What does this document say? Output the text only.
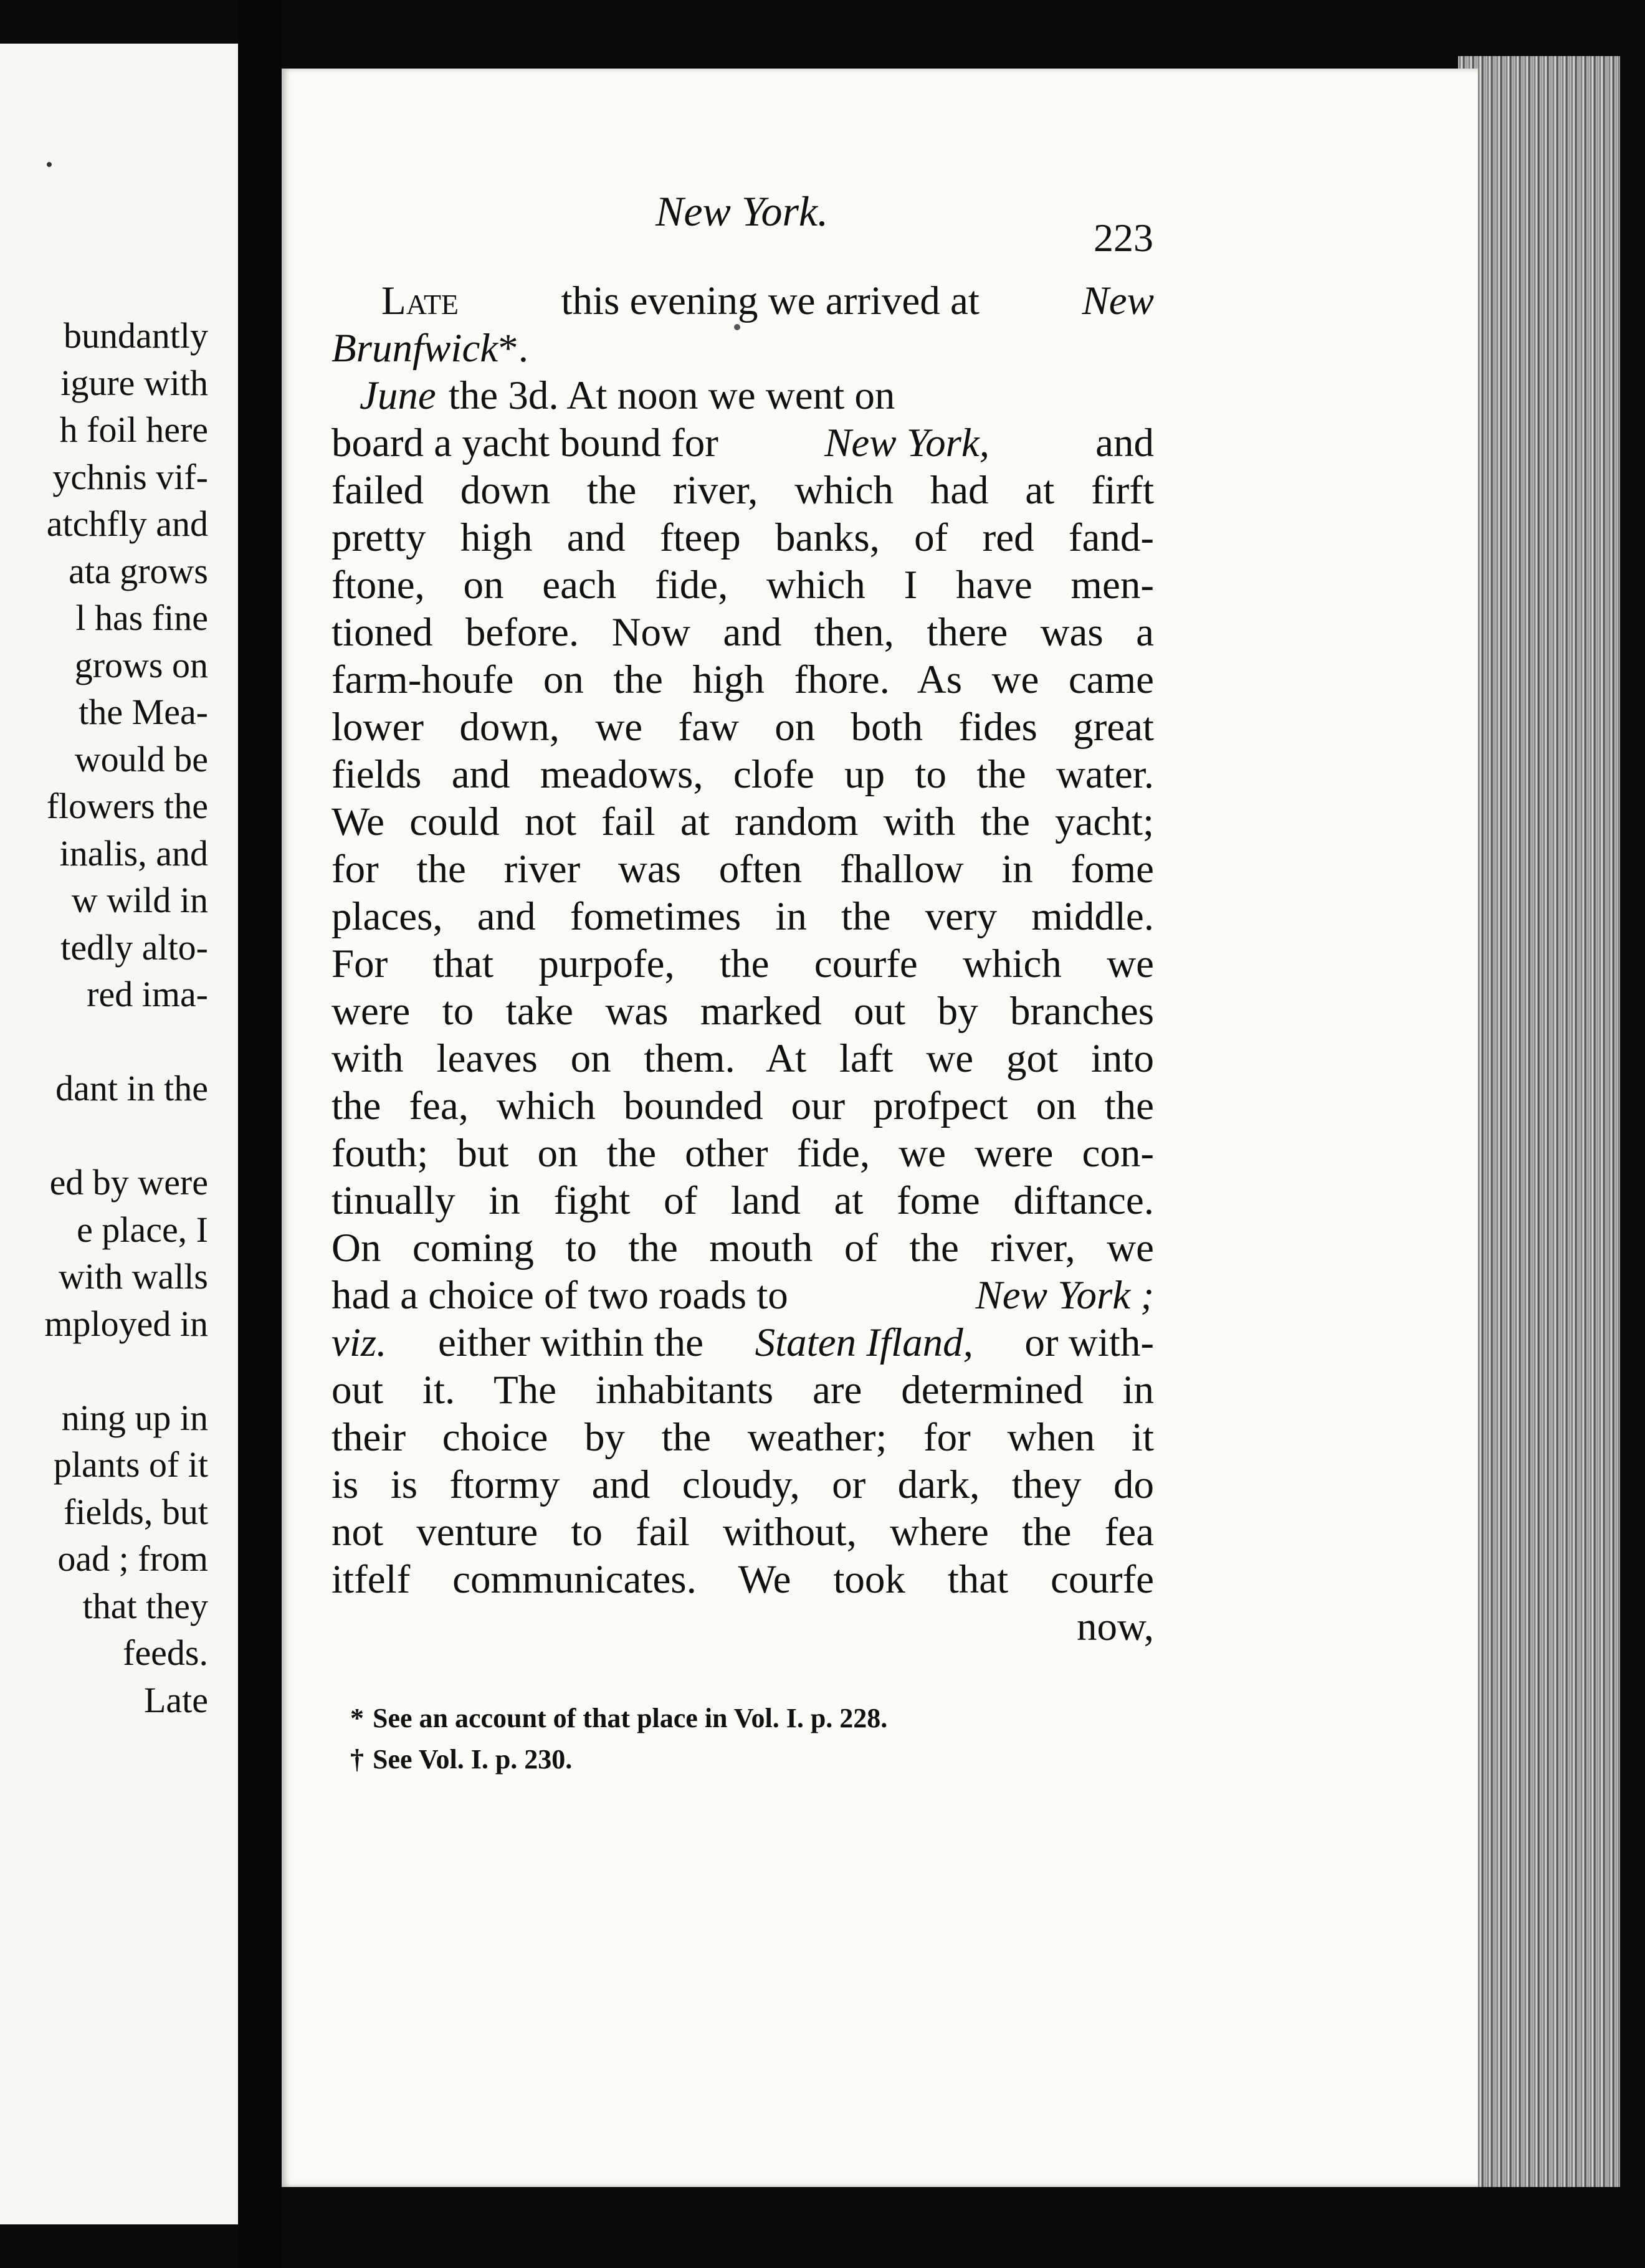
bundantly
igure with
h foil here
ychnis vif-
atchfly and
ata grows
l has fine
grows on
the Mea-
would be
flowers the
inalis, and
w wild in
tedly alto-
red ima-
dant in the
ed by were
e place, I
with walls
mployed in
ning up in
plants of it
fields, but
oad ; from
that they
feeds.
Late
New York.
223
Late	this evening we arrived at	New
Brunfwick *.
June the 3d. At noon we went on
board a yacht bound for	New York,	and
failed down the river, which had at firft
pretty high and fteep banks, of red fand-
ftone, on each fide, which I have men-
tioned before. Now and then, there was a
farm-houfe on the high fhore. As we came
lower down, we faw on both fides great
fields and meadows, clofe up to the water.
We could not fail at random with the yacht;
for the river was often fhallow in fome
places, and fometimes in the very middle.
For that purpofe, the courfe which we
were to take was marked out by branches
with leaves on them. At laft we got into
the fea, which bounded our profpect on the
fouth; but on the other fide, we were con-
tinually in fight of land at fome diftance.
On coming to the mouth of the river, we
had a choice of two roads to	New York ;
viz. either within the Staten Ifland, or with-
out it. The inhabitants are determined in
their choice by the weather; for when it
is is ftormy and cloudy, or dark, they do
not venture to fail without, where the fea
itfelf communicates. We took that courfe
now,
* See an account of that place in Vol. I. p. 228.
† See Vol. I. p. 230.
